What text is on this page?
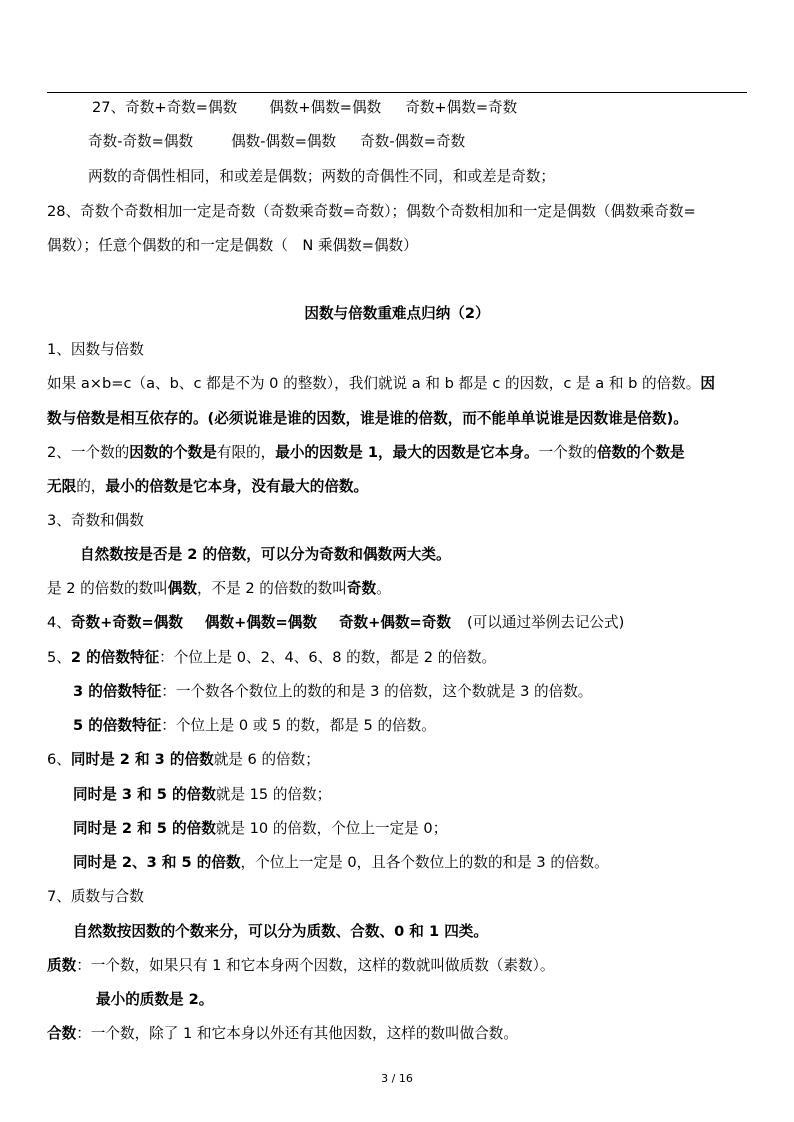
27、奇数+奇数=偶数 偶数+偶数=偶数 奇数+偶数=奇数
奇数-奇数=偶数	偶数-偶数=偶数 奇数-偶数=奇数
两数的奇偶性相同，和或差是偶数；两数的奇偶性不同，和或差是奇数；
28、奇数个奇数相加一定是奇数（奇数乘奇数=奇数）；偶数个奇数相加和一定是偶数（偶数乘奇数=
偶数）；任意个偶数的和一定是偶数（　N 乘偶数=偶数）
因数与倍数重难点归纳（2）
1、因数与倍数
如果 a×b=c（a、b、c 都是不为 0 的整数），我们就说 a 和 b 都是 c 的因数，c 是 a 和 b 的倍数。因
数与倍数是相互依存的。(必须说谁是谁的因数，谁是谁的倍数，而不能单单说谁是因数谁是倍数)。
2、一个数的因数的个数是有限的，最小的因数是 1，最大的因数是它本身。一个数的倍数的个数是
无限的，最小的倍数是它本身，没有最大的倍数。
3、奇数和偶数
自然数按是否是 2 的倍数，可以分为奇数和偶数两大类。
是 2 的倍数的数叫偶数，不是 2 的倍数的数叫奇数。
4、奇数+奇数=偶数 偶数+偶数=偶数 奇数+偶数=奇数 (可以通过举例去记公式)
5、2 的倍数特征：个位上是 0、2、4、6、8 的数，都是 2 的倍数。
3 的倍数特征：一个数各个数位上的数的和是 3 的倍数，这个数就是 3 的倍数。
5 的倍数特征：个位上是 0 或 5 的数，都是 5 的倍数。
6、同时是 2 和 3 的倍数就是 6 的倍数；
同时是 3 和 5 的倍数就是 15 的倍数；
同时是 2 和 5 的倍数就是 10 的倍数，个位上一定是 0；
同时是 2、3 和 5 的倍数，个位上一定是 0，且各个数位上的数的和是 3 的倍数。
7、质数与合数
自然数按因数的个数来分，可以分为质数、合数、0 和 1 四类。
质数：一个数，如果只有 1 和它本身两个因数，这样的数就叫做质数（素数）。
最小的质数是 2。
合数：一个数，除了 1 和它本身以外还有其他因数，这样的数叫做合数。
3 / 16
